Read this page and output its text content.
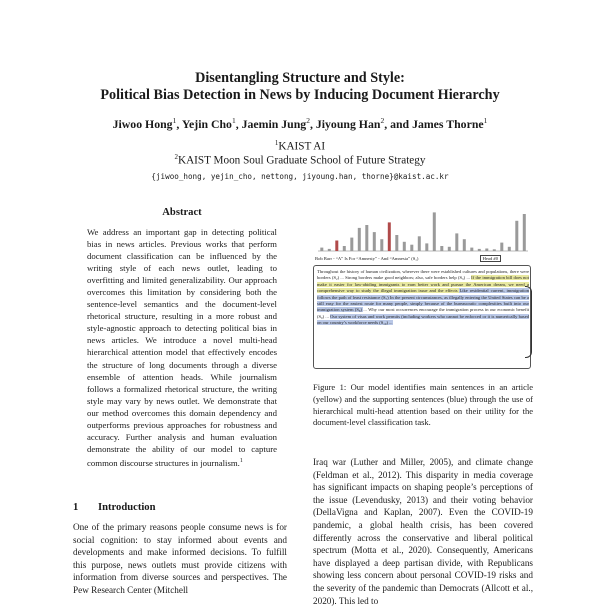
Disentangling Structure and Style:
Political Bias Detection in News by Inducing Document Hierarchy
Jiwoo Hong$^1$, Yejin Cho$^1$, Jaemin Jung$^2$, Jiyoung Han$^2$, and James Thorne$^1$
$^1$KAIST AI
$^2$KAIST Moon Soul Graduate School of Future Strategy
{jiwoo_hong, yejin_cho, nettong, jiyoung.han, thorne}@kaist.ac.kr
Abstract
We address an important gap in detecting political bias in news articles. Previous works that perform document classification can be influenced by the writing style of each news outlet, leading to overfitting and limited generalizability. Our approach overcomes this limitation by considering both the sentence-level semantics and the document-level rhetorical structure, resulting in a more robust and style-agnostic approach to detecting political bias in news articles. We introduce a novel multi-head hierarchical attention model that effectively encodes the structure of long documents through a diverse ensemble of attention heads. While journalism follows a formalized rhetorical structure, the writing style may vary by news outlet. We demonstrate that our method overcomes this domain dependency and outperforms previous approaches for robustness and accuracy. Further analysis and human evaluation demonstrate the ability of our model to capture common discourse structures in journalism.$^1$
1 Introduction
One of the primary reasons people consume news is for social cognition: to stay informed about events and developments and make informed decisions. To fulfill this purpose, news outlets must provide citizens with information from diverse sources and perspectives. The Pew Research Center (Mitchell
Bob Barr - “A” Is For “Amnesty” - And “Amnesia” (S₁)	Head #0
Throughout the history of human civilization, wherever there were established cultures and populations, there were borders (S₂) ... Strong borders make good neighbors; also, safe borders help (S₃) ... If the immigration bill does not make it easier for law-abiding immigrants to earn better work and pursue the American dream, we need a comprehensive way to study the illegal immigration issue and the effects Like residential current, immigration follows the path of least resistance (S₇) In the present circumstances, as illegally entering the United States can be a still easy for the easiest route for many people, simply because of the bureaucratic complexities built into our immigration system (S₈) ... Why our most occurrences encourage the immigration process in our economic benefit (S₉) ... Our system of visas and work permits (including workers who cannot be enforced or it is numerically based on our country’s workforce needs (S₁₀) ...
Figure 1: Our model identifies main sentences in an article (yellow) and the supporting sentences (blue) through the use of hierarchical multi-head attention based on their utility for the document-level classification task.
Iraq war (Luther and Miller, 2005), and climate change (Feldman et al., 2012). This disparity in media coverage has significant impacts on shaping people’s perceptions of the issue (Levendusky, 2013) and their voting behavior (DellaVigna and Kaplan, 2007). Even the COVID-19 pandemic, a global health crisis, has been covered differently across the conservative and liberal political spectrum (Motta et al., 2020). Consequently, Americans have displayed a deep partisan divide, with Republicans showing less concern about personal COVID-19 risks and the severity of the pandemic than Democrats (Allcott et al., 2020). This led to
